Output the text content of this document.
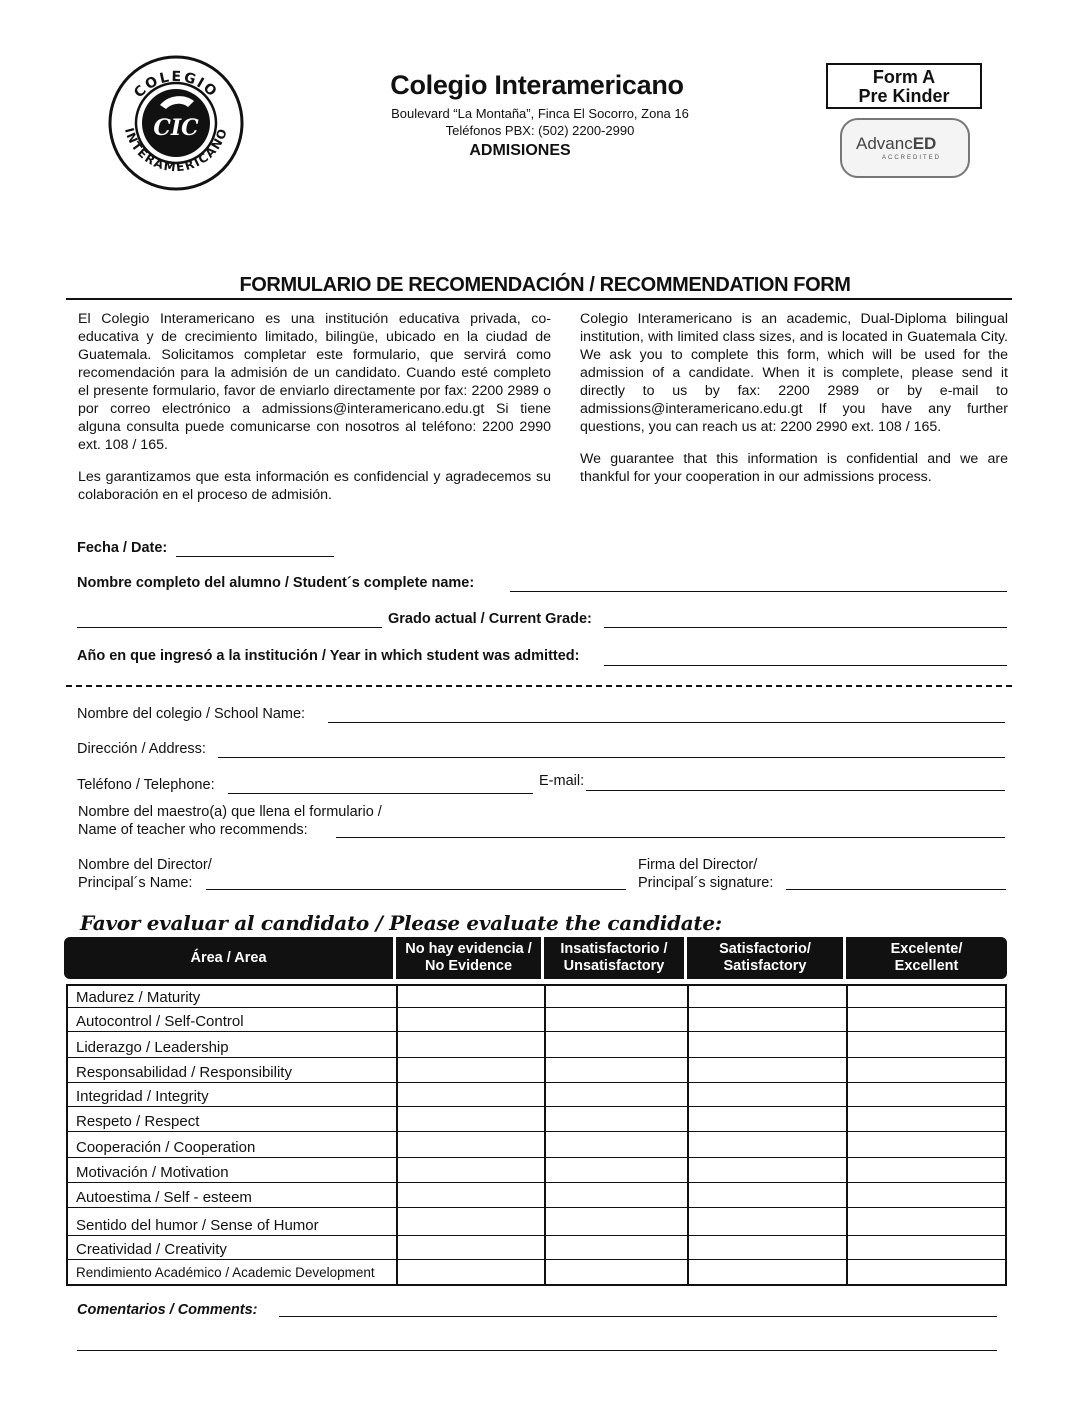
COLEGIO
INTERAMERICANO
CIC
Colegio Interamericano
Boulevard “La Montaña”, Finca El Socorro, Zona 16
Teléfonos PBX: (502) 2200-2990
ADMISIONES
Form A
Pre Kinder
AdvancED
ACCREDITED
FORMULARIO DE RECOMENDACIÓN / RECOMMENDATION FORM

El Colegio Interamericano es una institución educativa privada, co-educativa y de crecimiento limitado, bilingüe, ubicado en la ciudad de Guatemala. Solicitamos completar este formulario, que servirá como recomendación para la admisión de un candidato. Cuando esté completo el presente formulario, favor de enviarlo directamente por fax: 2200 2989 o por correo electrónico a admissions@interamericano.edu.gt Si tiene alguna consulta puede comunicarse con nosotros al teléfono: 2200 2990 ext. 108 / 165.

Les garantizamos que esta información es confidencial y agradecemos su colaboración en el proceso de admisión.

Colegio Interamericano is an academic, Dual-Diploma bilingual institution, with limited class sizes, and is located in Guatemala City. We ask you to complete this form, which will be used for the admission of a candidate. When it is complete, please send it directly to us by fax: 2200 2989 or by e-mail to admissions@interamericano.edu.gt If you have any further questions, you can reach us at: 2200 2990 ext. 108 / 165.

We guarantee that this information is confidential and we are thankful for your cooperation in our admissions process.

Fecha / Date:
Nombre completo del alumno / Student´s complete name:
Grado actual / Current Grade:
Año en que ingresó a la institución / Year in which student was admitted:
Nombre del colegio / School Name:
Dirección / Address:
Teléfono / Telephone:	E-mail:
Nombre del maestro(a) que llena el formulario /
Name of teacher who recommends:
Nombre del Director/
Principal´s Name:
Firma del Director/
Principal´s signature:
Favor evaluar al candidato / Please evaluate the candidate:
Área / Area
No hay evidencia /
No Evidence
Insatisfactorio /
Unsatisfactory
Satisfactorio/
Satisfactory
Excelente/
Excellent
Madurez / Maturity
Autocontrol / Self-Control
Liderazgo / Leadership
Responsabilidad / Responsibility
Integridad / Integrity
Respeto / Respect
Cooperación / Cooperation
Motivación / Motivation
Autoestima / Self - esteem
Sentido del humor / Sense of Humor
Creatividad / Creativity
Rendimiento Académico / Academic Development
Comentarios / Comments:
